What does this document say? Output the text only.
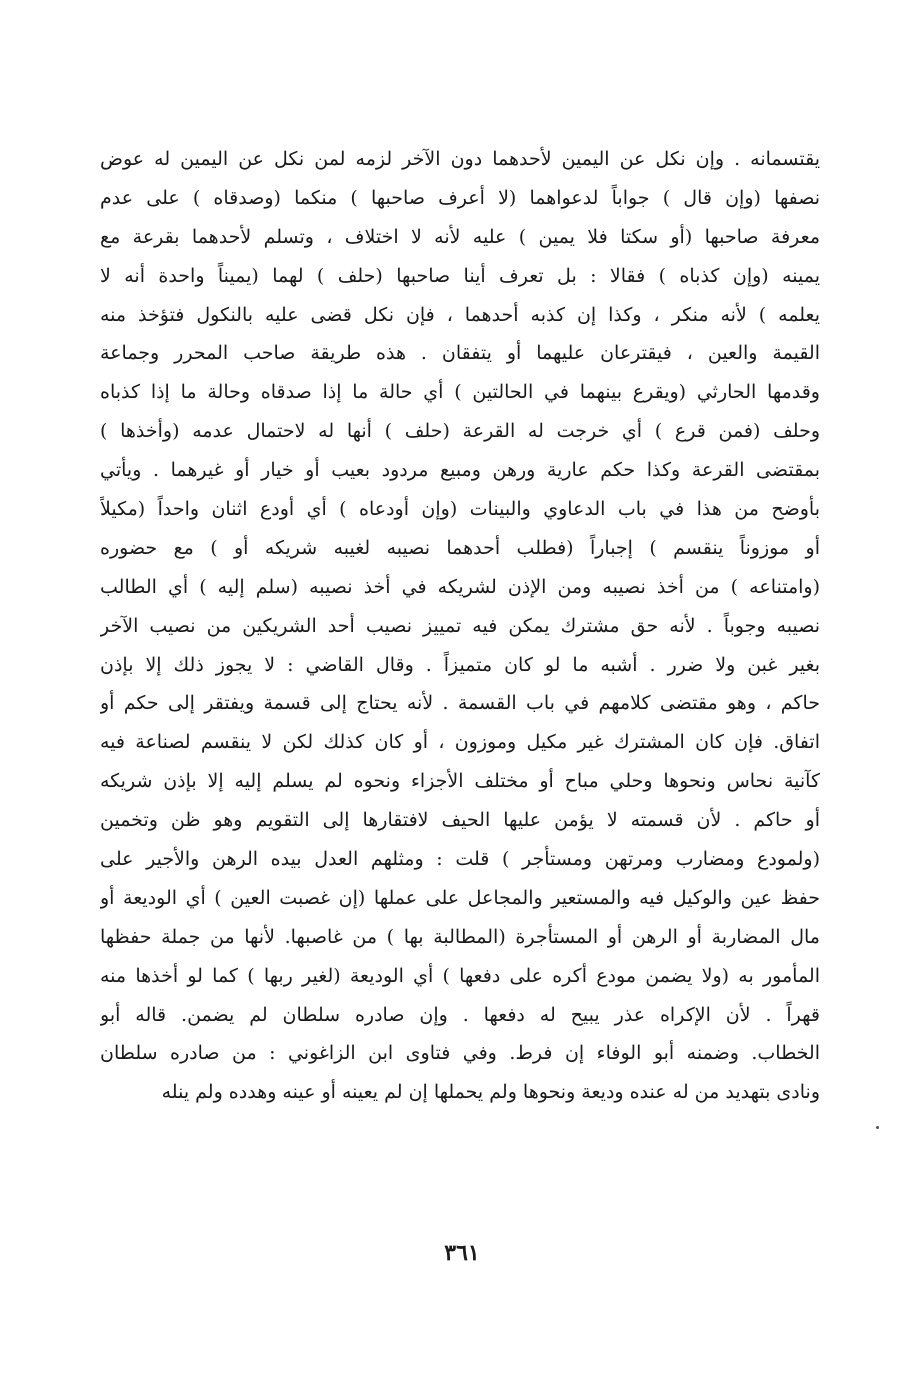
يقتسمانه . وإن نكل عن اليمين لأحدهما دون الآخر لزمه لمن نكل عن اليمين له عوض
نصفها (وإن قال ) جواباً لدعواهما (لا أعرف صاحبها ) منكما (وصدقاه ) على عدم
معرفة صاحبها (أو سكتا فلا يمين ) عليه لأنه لا اختلاف ، وتسلم لأحدهما بقرعة مع
يمينه (وإن كذباه ) فقالا : بل تعرف أينا صاحبها (حلف ) لهما (يميناً واحدة أنه لا
يعلمه ) لأنه منكر ، وكذا إن كذبه أحدهما ، فإن نكل قضى عليه بالنكول فتؤخذ منه
القيمة والعين ، فيقترعان عليهما أو يتفقان . هذه طريقة صاحب المحرر وجماعة
وقدمها الحارثي (ويقرع بينهما في الحالتين ) أي حالة ما إذا صدقاه وحالة ما إذا كذباه
وحلف (فمن قرع ) أي خرجت له القرعة (حلف ) أنها له لاحتمال عدمه (وأخذها )
بمقتضى القرعة وكذا حكم عارية ورهن ومبيع مردود بعيب أو خيار أو غيرهما . ويأتي
بأوضح من هذا في باب الدعاوي والبينات (وإن أودعاه ) أي أودع اثنان واحداً (مكيلاً
أو موزوناً ينقسم ) إجباراً (فطلب أحدهما نصيبه لغيبه شريكه أو ) مع حضوره
(وامتناعه ) من أخذ نصيبه ومن الإذن لشريكه في أخذ نصيبه (سلم إليه ) أي الطالب
نصيبه وجوباً . لأنه حق مشترك يمكن فيه تمييز نصيب أحد الشريكين من نصيب الآخر
بغير غبن ولا ضرر . أشبه ما لو كان متميزاً . وقال القاضي : لا يجوز ذلك إلا بإذن
حاكم ، وهو مقتضى كلامهم في باب القسمة . لأنه يحتاج إلى قسمة ويفتقر إلى حكم أو
اتفاق. فإن كان المشترك غير مكيل وموزون ، أو كان كذلك لكن لا ينقسم لصناعة فيه
كآنية نحاس ونحوها وحلي مباح أو مختلف الأجزاء ونحوه لم يسلم إليه إلا بإذن شريكه
أو حاكم . لأن قسمته لا يؤمن عليها الحيف لافتقارها إلى التقويم وهو ظن وتخمين
(ولمودع ومضارب ومرتهن ومستأجر ) قلت : ومثلهم العدل بيده الرهن والأجير على
حفظ عين والوكيل فيه والمستعير والمجاعل على عملها (إن غصبت العين ) أي الوديعة أو
مال المضاربة أو الرهن أو المستأجرة (المطالبة بها ) من غاصبها. لأنها من جملة حفظها
المأمور به (ولا يضمن مودع أكره على دفعها ) أي الوديعة (لغير ربها ) كما لو أخذها منه
قهراً . لأن الإكراه عذر يبيح له دفعها . وإن صادره سلطان لم يضمن. قاله أبو
الخطاب. وضمنه أبو الوفاء إن فرط. وفي فتاوى ابن الزاغوني : من صادره سلطان
ونادى بتهديد من له عنده وديعة ونحوها ولم يحملها إن لم يعينه أو عينه وهدده ولم ينله
٣٦١
